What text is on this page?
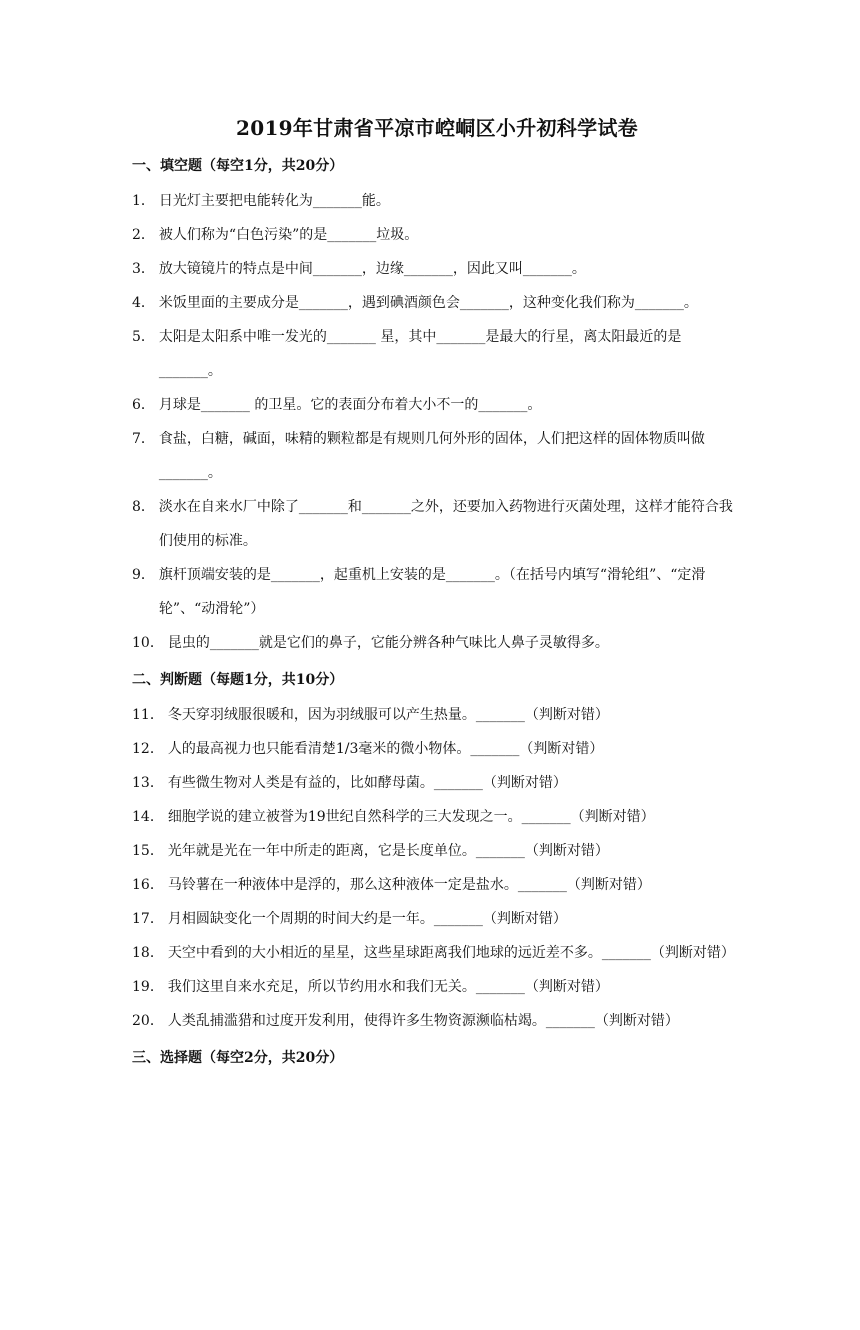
2019年甘肃省平凉市崆峒区小升初科学试卷
一、填空题（每空1分，共20分）
1． 日光灯主要把电能转化为_______能。
2． 被人们称为“白色污染”的是_______垃圾。
3． 放大镜镜片的特点是中间_______，边缘_______，因此又叫_______。
4． 米饭里面的主要成分是_______，遇到碘酒颜色会_______，这种变化我们称为_______。
5． 太阳是太阳系中唯一发光的_______ 星，其中_______是最大的行星，离太阳最近的是_______。
6． 月球是_______ 的卫星。它的表面分布着大小不一的_______。
7． 食盐，白糖，碱面，味精的颗粒都是有规则几何外形的固体，人们把这样的固体物质叫做_______。
8． 淡水在自来水厂中除了_______和_______之外，还要加入药物进行灭菌处理，这样才能符合我们使用的标准。
9． 旗杆顶端安装的是_______，起重机上安装的是_______。（在括号内填写“滑轮组”、“定滑轮”、“动滑轮”）
10． 昆虫的_______就是它们的鼻子，它能分辨各种气味比人鼻子灵敏得多。
二、判断题（每题1分，共10分）
11． 冬天穿羽绒服很暖和，因为羽绒服可以产生热量。_______（判断对错）
12． 人的最高视力也只能看清楚1/3毫米的微小物体。_______（判断对错）
13． 有些微生物对人类是有益的，比如酵母菌。_______（判断对错）
14． 细胞学说的建立被誉为19世纪自然科学的三大发现之一。_______（判断对错）
15． 光年就是光在一年中所走的距离，它是长度单位。_______（判断对错）
16． 马铃薯在一种液体中是浮的，那么这种液体一定是盐水。_______（判断对错）
17． 月相圆缺变化一个周期的时间大约是一年。_______（判断对错）
18． 天空中看到的大小相近的星星，这些星球距离我们地球的远近差不多。_______（判断对错）
19． 我们这里自来水充足，所以节约用水和我们无关。_______（判断对错）
20． 人类乱捕滥猎和过度开发利用，使得许多生物资源濒临枯竭。_______（判断对错）
三、选择题（每空2分，共20分）
